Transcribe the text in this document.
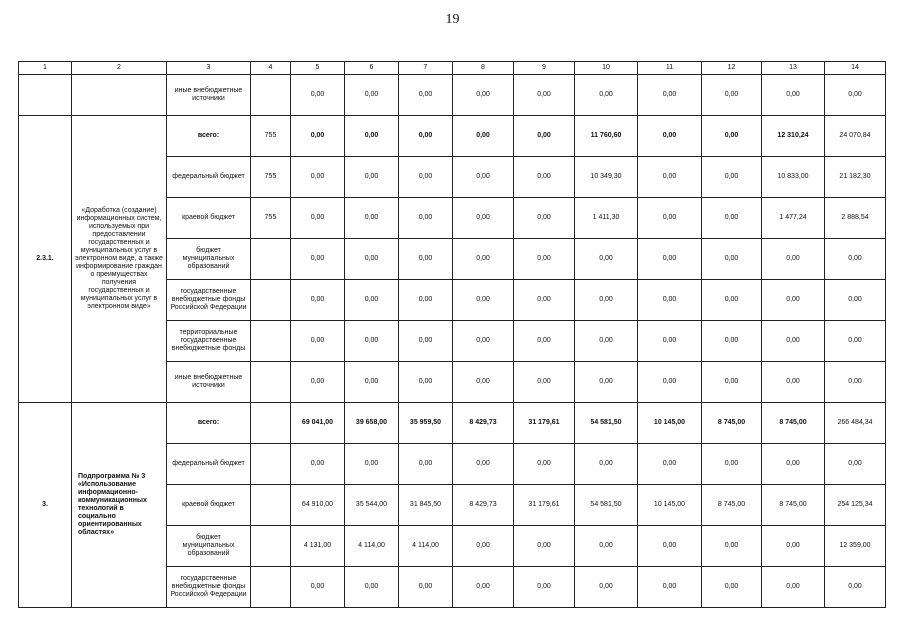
19
1	2	3	4	5	6	7	8	9	10	11	12	13	14
		иные внебюджетные источники		0,00	0,00	0,00	0,00	0,00	0,00	0,00	0,00	0,00	0,00
2.3.1.	«Доработка (создание) информационных систем, используемых при предоставлении государственных и муниципальных услуг в электронном виде, а также информирование граждан о преимуществах получения государственных и муниципальных услуг в электронном виде»	всего:	755	0,00	0,00	0,00	0,00	0,00	11 760,60	0,00	0,00	12 310,24	24 070,84
		федеральный бюджет	755	0,00	0,00	0,00	0,00	0,00	10 349,30	0,00	0,00	10 833,00	21 182,30
		краевой бюджет	755	0,00	0,00	0,00	0,00	0,00	1 411,30	0,00	0,00	1 477,24	2 888,54
		бюджет муниципальных образований		0,00	0,00	0,00	0,00	0,00	0,00	0,00	0,00	0,00	0,00
		государственные внебюджетные фонды Российской Федерации		0,00	0,00	0,00	0,00	0,00	0,00	0,00	0,00	0,00	0,00
		территориальные государственные внебюджетные фонды		0,00	0,00	0,00	0,00	0,00	0,00	0,00	0,00	0,00	0,00
		иные внебюджетные источники		0,00	0,00	0,00	0,00	0,00	0,00	0,00	0,00	0,00	0,00
3.	Подпрограмма № 3 «Использование информационно-коммуникационных технологий в социально ориентированных областях»	всего:		69 041,00	39 658,00	35 959,50	8 429,73	31 179,61	54 581,50	10 145,00	8 745,00	8 745,00	266 484,34
		федеральный бюджет		0,00	0,00	0,00	0,00	0,00	0,00	0,00	0,00	0,00	0,00
		краевой бюджет		64 910,00	35 544,00	31 845,50	8 429,73	31 179,61	54 581,50	10 145,00	8 745,00	8 745,00	254 125,34
		бюджет муниципальных образований		4 131,00	4 114,00	4 114,00	0,00	0,00	0,00	0,00	0,00	0,00	12 359,00
		государственные внебюджетные фонды Российской Федерации		0,00	0,00	0,00	0,00	0,00	0,00	0,00	0,00	0,00	0,00
